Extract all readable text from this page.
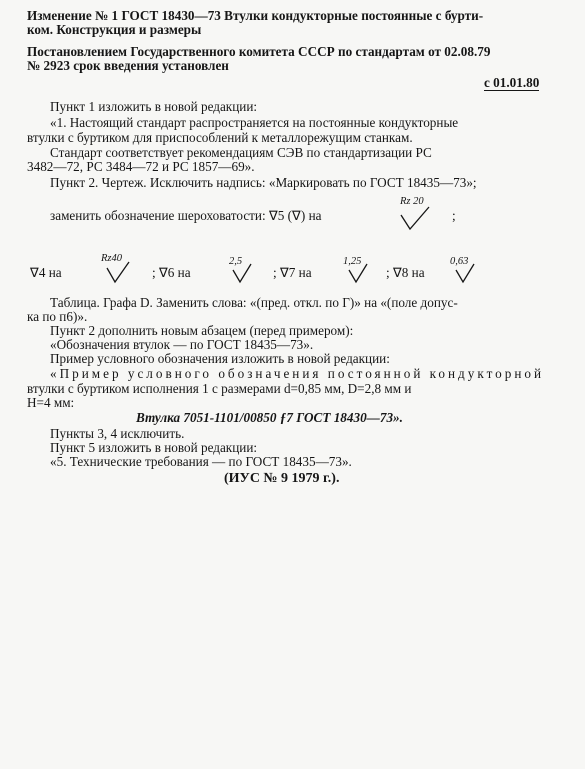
Изменение № 1 ГОСТ 18430—73 Втулки кондукторные постоянные с бурти-
ком. Конструкция и размеры
Постановлением Государственного комитета СССР по стандартам от 02.08.79
№ 2923 срок введения установлен
с 01.01.80
Пункт 1 изложить в новой редакции:
«1. Настоящий стандарт распространяется на постоянные кондукторные
втулки с буртиком для приспособлений к металлорежущим станкам.
Стандарт соответствует рекомендациям СЭВ по стандартизации РС
3482—72, РС 3484—72 и РС 1857—69».
Пункт 2. Чертеж. Исключить надпись: «Маркировать по ГОСТ 18435—73»;
заменить обозначение шероховатости: ∇5 (∇) на
Rz 20
;
∇4 на
Rz40
; ∇6 на
2,5
; ∇7 на
1,25
; ∇8 на
0,63
Таблица. Графа D. Заменить слова: «(пред. откл. по Г)» на «(поле допус-
ка по п6)».
Пункт 2 дополнить новым абзацем (перед примером):
«Обозначения втулок — по ГОСТ 18435—73».
Пример условного обозначения изложить в новой редакции:
«Пример условного обозначения постоянной кондукторной
втулки с буртиком исполнения 1 с размерами d=0,85 мм, D=2,8 мм и
H=4 мм:
Втулка 7051-1101/00850 ƒ7 ГОСТ 18430—73».
Пункты 3, 4 исключить.
Пункт 5 изложить в новой редакции:
«5. Технические требования — по ГОСТ 18435—73».
(ИУС № 9 1979 г.).
